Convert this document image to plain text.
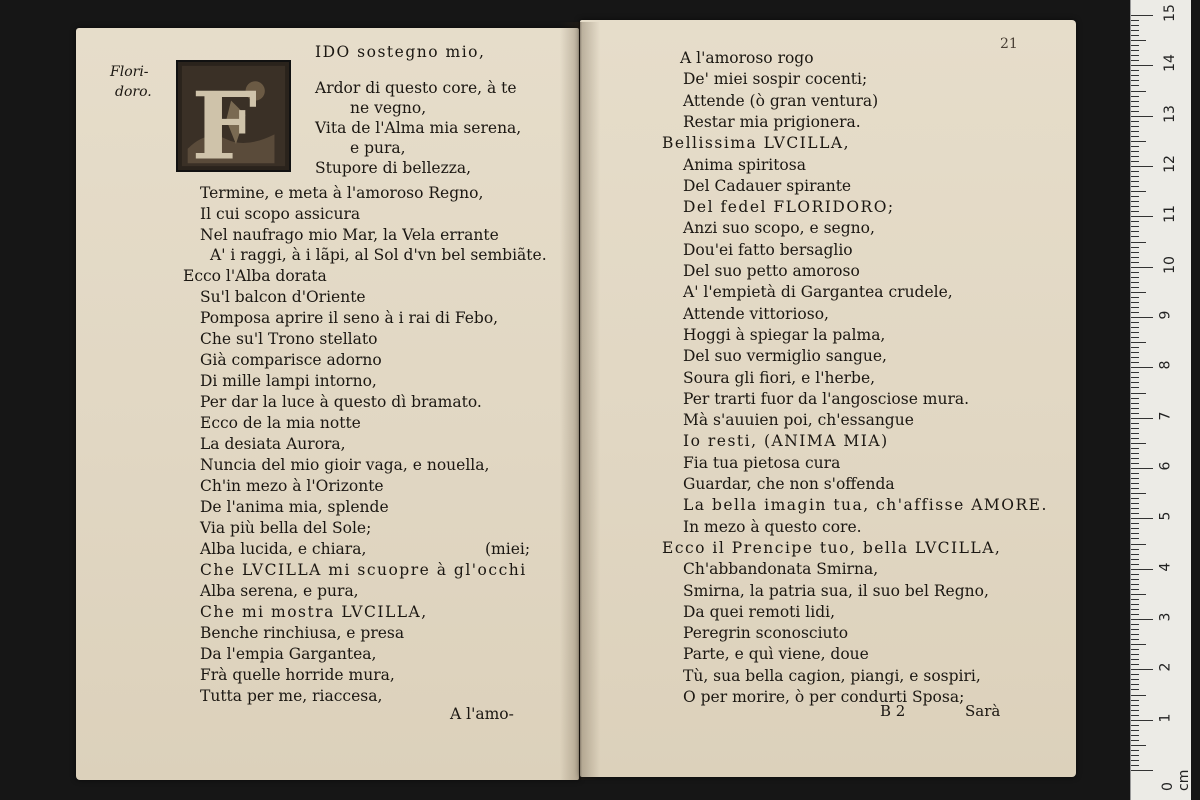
Flori-
doro. F
IDO sostegno mio,
Ardor di questo core, à te
ne vegno,
Vita de l'Alma mia serena,
e pura,
Stupore di bellezza,
Termine, e meta à l'amoroso Regno,
Il cui scopo assicura
Nel naufrago mio Mar, la Vela errante
A' i raggi, à i lãpi, al Sol d'vn bel sembiãte.
Ecco l'Alba dorata
Su'l balcon d'Oriente
Pomposa aprire il seno à i rai di Febo,
Che su'l Trono stellato
Già comparisce adorno
Di mille lampi intorno,
Per dar la luce à questo dì bramato.
Ecco de la mia notte
La desiata Aurora,
Nuncia del mio gioir vaga, e nouella,
Ch'in mezo à l'Orizonte
De l'anima mia, splende
Via più bella del Sole;
Alba lucida, e chiara,	(miei;
Che LVCILLA mi scuopre à gl'occhi
Alba serena, e pura,
Che mi mostra LVCILLA,
Benche rinchiusa, e presa
Da l'empia Gargantea,
Frà quelle horride mura,
Tutta per me, riaccesa,
A l'amo-
21
A l'amoroso rogo
De' miei sospir cocenti;
Attende (ò gran ventura)
Restar mia prigionera.
Bellissima LVCILLA,
Anima spiritosa
Del Cadauer spirante
Del fedel FLORIDORO;
Anzi suo scopo, e segno,
Dou'ei fatto bersaglio
Del suo petto amoroso
A' l'empietà di Gargantea crudele,
Attende vittorioso,
Hoggi à spiegar la palma,
Del suo vermiglio sangue,
Soura gli fiori, e l'herbe,
Per trarti fuor da l'angosciose mura.
Mà s'auuien poi, ch'essangue
Io resti, (ANIMA MIA)
Fia tua pietosa cura
Guardar, che non s'offenda
La bella imagin tua, ch'affisse AMORE.
In mezo à questo core.
Ecco il Prencipe tuo, bella LVCILLA,
Ch'abbandonata Smirna,
Smirna, la patria sua, il suo bel Regno,
Da quei remoti lidi,
Peregrin sconosciuto
Parte, e quì viene, doue
Tù, sua bella cagion, piangi, e sospiri,
O per morire, ò per condurti Sposa;
B 2	Sarà
0 cm
1
2
3
4
5
6
7
8
9
10
11
12
13
14
15
